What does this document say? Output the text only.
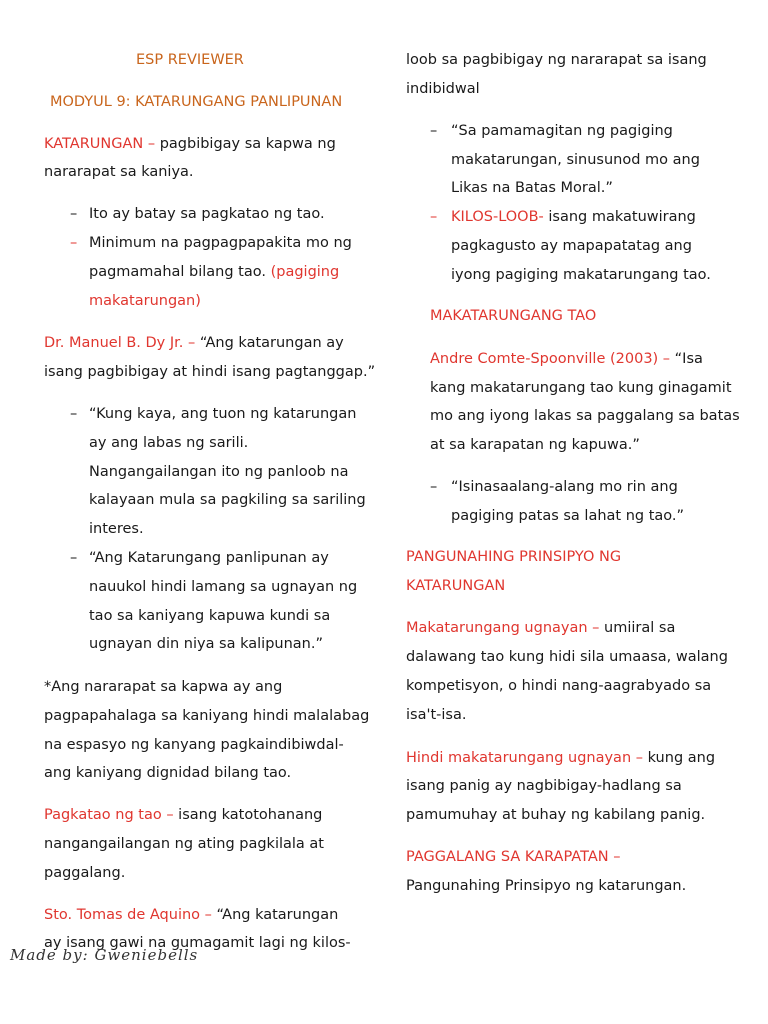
ESP REVIEWER
MODYUL 9: KATARUNGANG PANLIPUNAN
KATARUNGAN – pagbibigay sa kapwa ng
nararapat sa kaniya.
– Ito ay batay sa pagkatao ng tao.
– Minimum na pagpagpapakita mo ng
pagmamahal bilang tao. (pagiging
makatarungan)
Dr. Manuel B. Dy Jr. – “Ang katarungan ay
isang pagbibigay at hindi isang pagtanggap.”
– “Kung kaya, ang tuon ng katarungan
ay ang labas ng sarili.
Nangangailangan ito ng panloob na
kalayaan mula sa pagkiling sa sariling
interes.
– “Ang Katarungang panlipunan ay
nauukol hindi lamang sa ugnayan ng
tao sa kaniyang kapuwa kundi sa
ugnayan din niya sa kalipunan.”
*Ang nararapat sa kapwa ay ang
pagpapahalaga sa kaniyang hindi malalabag
na espasyo ng kanyang pagkaindibiwdal-
ang kaniyang dignidad bilang tao.
Pagkatao ng tao – isang katotohanang
nangangailangan ng ating pagkilala at
paggalang.
Sto. Tomas de Aquino – “Ang katarungan
ay isang gawi na gumagamit lagi ng kilos-
loob sa pagbibigay ng nararapat sa isang
indibidwal
– “Sa pamamagitan ng pagiging
makatarungan, sinusunod mo ang
Likas na Batas Moral.”
– KILOS-LOOB- isang makatuwirang
pagkagusto ay mapapatatag ang
iyong pagiging makatarungang tao.
MAKATARUNGANG TAO
Andre Comte-Spoonville (2003) – “Isa
kang makatarungang tao kung ginagamit
mo ang iyong lakas sa paggalang sa batas
at sa karapatan ng kapuwa.”
– “Isinasaalang-alang mo rin ang
pagiging patas sa lahat ng tao.”
PANGUNAHING PRINSIPYO NG
KATARUNGAN
Makatarungang ugnayan – umiiral sa
dalawang tao kung hidi sila umaasa, walang
kompetisyon, o hindi nang-aagrabyado sa
isa't-isa.
Hindi makatarungang ugnayan – kung ang
isang panig ay nagbibigay-hadlang sa
pamumuhay at buhay ng kabilang panig.
PAGGALANG SA KARAPATAN –
Pangunahing Prinsipyo ng katarungan.
Made by: Gweniebells
